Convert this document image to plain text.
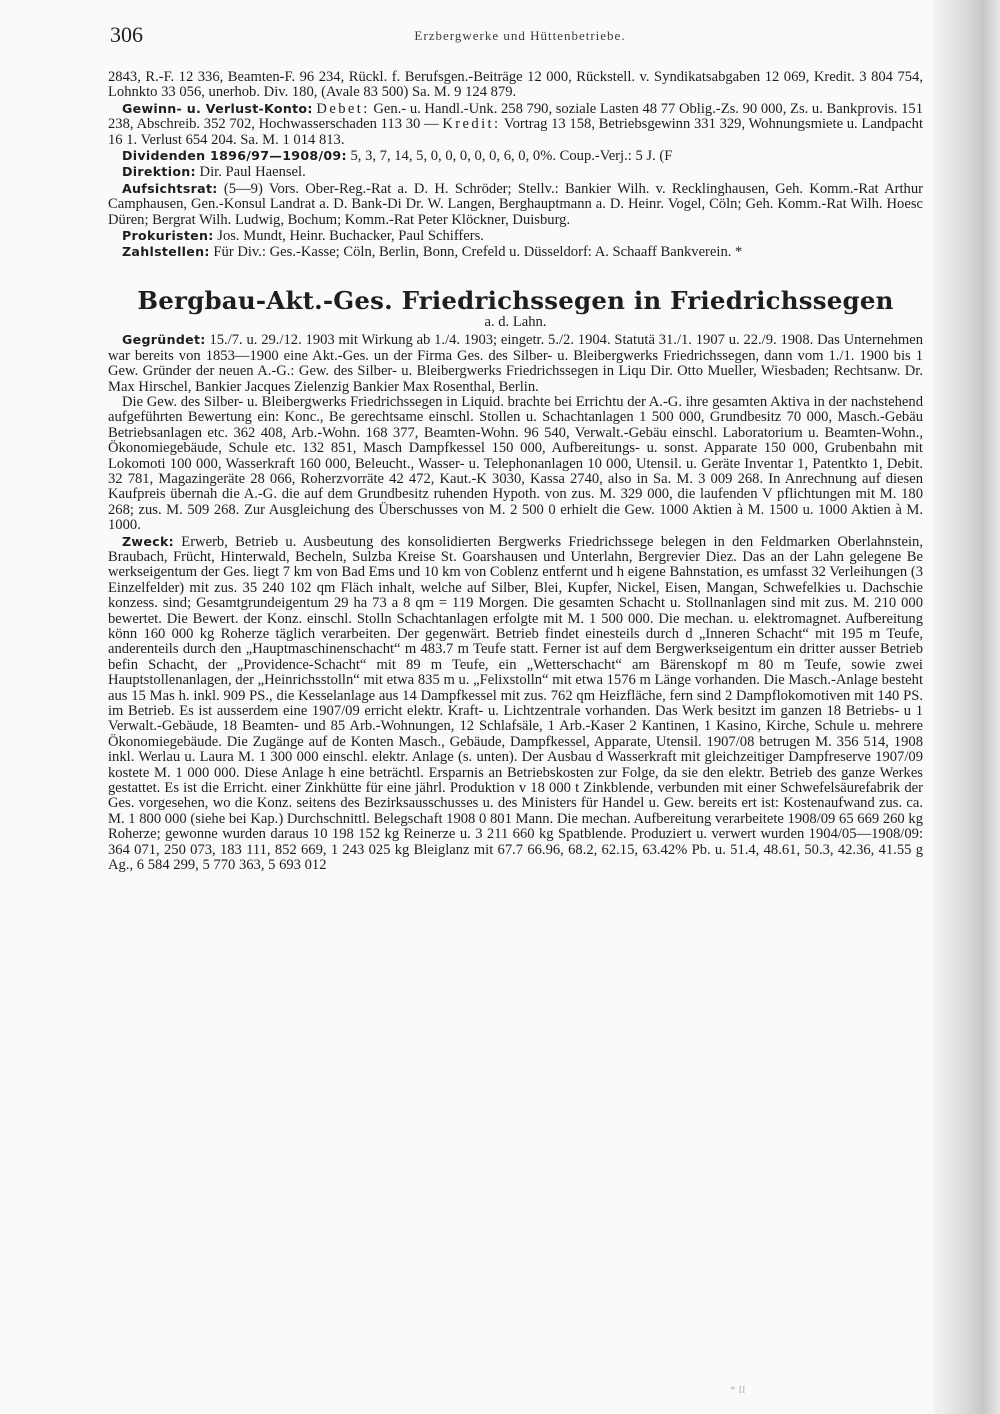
306	Erzbergwerke und Hüttenbetriebe.

2843, R.-F. 12 336, Beamten-F. 96 234, Rückl. f. Berufsgen.-Beiträge 12 000, Rückstell. v. Syndikatsabgaben 12 069, Kredit. 3 804 754, Lohnkto 33 056, unerhob. Div. 180, (Avale 83 500) Sa. M. 9 124 879.

Gewinn- u. Verlust-Konto: Debet: Gen.- u. Handl.-Unk. 258 790, soziale Lasten 48 77 Oblig.-Zs. 90 000, Zs. u. Bankprovis. 151 238, Abschreib. 352 702, Hochwasserschaden 113 30 — Kredit: Vortrag 13 158, Betriebsgewinn 331 329, Wohnungsmiete u. Landpacht 16 1. Verlust 654 204. Sa. M. 1 014 813.

Dividenden 1896/97—1908/09: 5, 3, 7, 14, 5, 0, 0, 0, 0, 0, 6, 0, 0%. Coup.-Verj.: 5 J. (F

Direktion: Dir. Paul Haensel.

Aufsichtsrat: (5—9) Vors. Ober-Reg.-Rat a. D. H. Schröder; Stellv.: Bankier Wilh. v. Recklinghausen, Geh. Komm.-Rat Arthur Camphausen, Gen.-Konsul Landrat a. D. Bank-Di Dr. W. Langen, Berghauptmann a. D. Heinr. Vogel, Cöln; Geh. Komm.-Rat Wilh. Hoesc Düren; Bergrat Wilh. Ludwig, Bochum; Komm.-Rat Peter Klöckner, Duisburg.

Prokuristen: Jos. Mundt, Heinr. Buchacker, Paul Schiffers.

Zahlstellen: Für Div.: Ges.-Kasse; Cöln, Berlin, Bonn, Crefeld u. Düsseldorf: A. Schaaff Bankverein. *

Bergbau-Akt.-Ges. Friedrichssegen in Friedrichssegen
a. d. Lahn.

Gegründet: 15./7. u. 29./12. 1903 mit Wirkung ab 1./4. 1903; eingetr. 5./2. 1904. Statutä 31./1. 1907 u. 22./9. 1908. Das Unternehmen war bereits von 1853—1900 eine Akt.-Ges. un der Firma Ges. des Silber- u. Bleibergwerks Friedrichssegen, dann vom 1./1. 1900 bis 1 Gew. Gründer der neuen A.-G.: Gew. des Silber- u. Bleibergwerks Friedrichssegen in Liqu Dir. Otto Mueller, Wiesbaden; Rechtsanw. Dr. Max Hirschel, Bankier Jacques Zielenzig Bankier Max Rosenthal, Berlin.

Die Gew. des Silber- u. Bleibergwerks Friedrichssegen in Liquid. brachte bei Errichtu der A.-G. ihre gesamten Aktiva in der nachstehend aufgeführten Bewertung ein: Konc., Be gerechtsame einschl. Stollen u. Schachtanlagen 1 500 000, Grundbesitz 70 000, Masch.-Gebäu Betriebsanlagen etc. 362 408, Arb.-Wohn. 168 377, Beamten-Wohn. 96 540, Verwalt.-Gebäu einschl. Laboratorium u. Beamten-Wohn., Ökonomiegebäude, Schule etc. 132 851, Masch Dampfkessel 150 000, Aufbereitungs- u. sonst. Apparate 150 000, Grubenbahn mit Lokomoti 100 000, Wasserkraft 160 000, Beleucht., Wasser- u. Telephonanlagen 10 000, Utensil. u. Geräte Inventar 1, Patentkto 1, Debit. 32 781, Magazingeräte 28 066, Roherzvorräte 42 472, Kaut.-K 3030, Kassa 2740, also in Sa. M. 3 009 268. In Anrechnung auf diesen Kaufpreis übernah die A.-G. die auf dem Grundbesitz ruhenden Hypoth. von zus. M. 329 000, die laufenden V pflichtungen mit M. 180 268; zus. M. 509 268. Zur Ausgleichung des Überschusses von M. 2 500 0 erhielt die Gew. 1000 Aktien à M. 1500 u. 1000 Aktien à M. 1000.

Zweck: Erwerb, Betrieb u. Ausbeutung des konsolidierten Bergwerks Friedrichssege belegen in den Feldmarken Oberlahnstein, Braubach, Frücht, Hinterwald, Becheln, Sulzba Kreise St. Goarshausen und Unterlahn, Bergrevier Diez. Das an der Lahn gelegene Be werkseigentum der Ges. liegt 7 km von Bad Ems und 10 km von Coblenz entfernt und h eigene Bahnstation, es umfasst 32 Verleihungen (3 Einzelfelder) mit zus. 35 240 102 qm Fläch inhalt, welche auf Silber, Blei, Kupfer, Nickel, Eisen, Mangan, Schwefelkies u. Dachschie konzess. sind; Gesamtgrundeigentum 29 ha 73 a 8 qm = 119 Morgen. Die gesamten Schacht u. Stollnanlagen sind mit zus. M. 210 000 bewertet. Die Bewert. der Konz. einschl. Stolln Schachtanlagen erfolgte mit M. 1 500 000. Die mechan. u. elektromagnet. Aufbereitung könn 160 000 kg Roherze täglich verarbeiten. Der gegenwärt. Betrieb findet einesteils durch d „Inneren Schacht“ mit 195 m Teufe, anderenteils durch den „Hauptmaschinenschacht“ m 483.7 m Teufe statt. Ferner ist auf dem Bergwerkseigentum ein dritter ausser Betrieb befin Schacht, der „Providence-Schacht“ mit 89 m Teufe, ein „Wetterschacht“ am Bärenskopf m 80 m Teufe, sowie zwei Hauptstollenanlagen, der „Heinrichsstolln“ mit etwa 835 m u. „Felixstolln“ mit etwa 1576 m Länge vorhanden. Die Masch.-Anlage besteht aus 15 Mas h. inkl. 909 PS., die Kesselanlage aus 14 Dampfkessel mit zus. 762 qm Heizfläche, fern sind 2 Dampflokomotiven mit 140 PS. im Betrieb. Es ist ausserdem eine 1907/09 erricht elektr. Kraft- u. Lichtzentrale vorhanden. Das Werk besitzt im ganzen 18 Betriebs- u 1 Verwalt.-Gebäude, 18 Beamten- und 85 Arb.-Wohnungen, 12 Schlafsäle, 1 Arb.-Kaser 2 Kantinen, 1 Kasino, Kirche, Schule u. mehrere Ökonomiegebäude. Die Zugänge auf de Konten Masch., Gebäude, Dampfkessel, Apparate, Utensil. 1907/08 betrugen M. 356 514, 1908 inkl. Werlau u. Laura M. 1 300 000 einschl. elektr. Anlage (s. unten). Der Ausbau d Wasserkraft mit gleichzeitiger Dampfreserve 1907/09 kostete M. 1 000 000. Diese Anlage h eine beträchtl. Ersparnis an Betriebskosten zur Folge, da sie den elektr. Betrieb des ganze Werkes gestattet. Es ist die Erricht. einer Zinkhütte für eine jährl. Produktion v 18 000 t Zinkblende, verbunden mit einer Schwefelsäurefabrik der Ges. vorgesehen, wo die Konz. seitens des Bezirksausschusses u. des Ministers für Handel u. Gew. bereits ert ist: Kostenaufwand zus. ca. M. 1 800 000 (siehe bei Kap.) Durchschnittl. Belegschaft 1908 0 801 Mann. Die mechan. Aufbereitung verarbeitete 1908/09 65 669 260 kg Roherze; gewonne wurden daraus 10 198 152 kg Reinerze u. 3 211 660 kg Spatblende. Produziert u. verwert wurden 1904/05—1908/09: 364 071, 250 073, 183 111, 852 669, 1 243 025 kg Bleiglanz mit 67.7 66.96, 68.2, 62.15, 63.42% Pb. u. 51.4, 48.61, 50.3, 42.36, 41.55 g Ag., 6 584 299, 5 770 363, 5 693 012

* II
